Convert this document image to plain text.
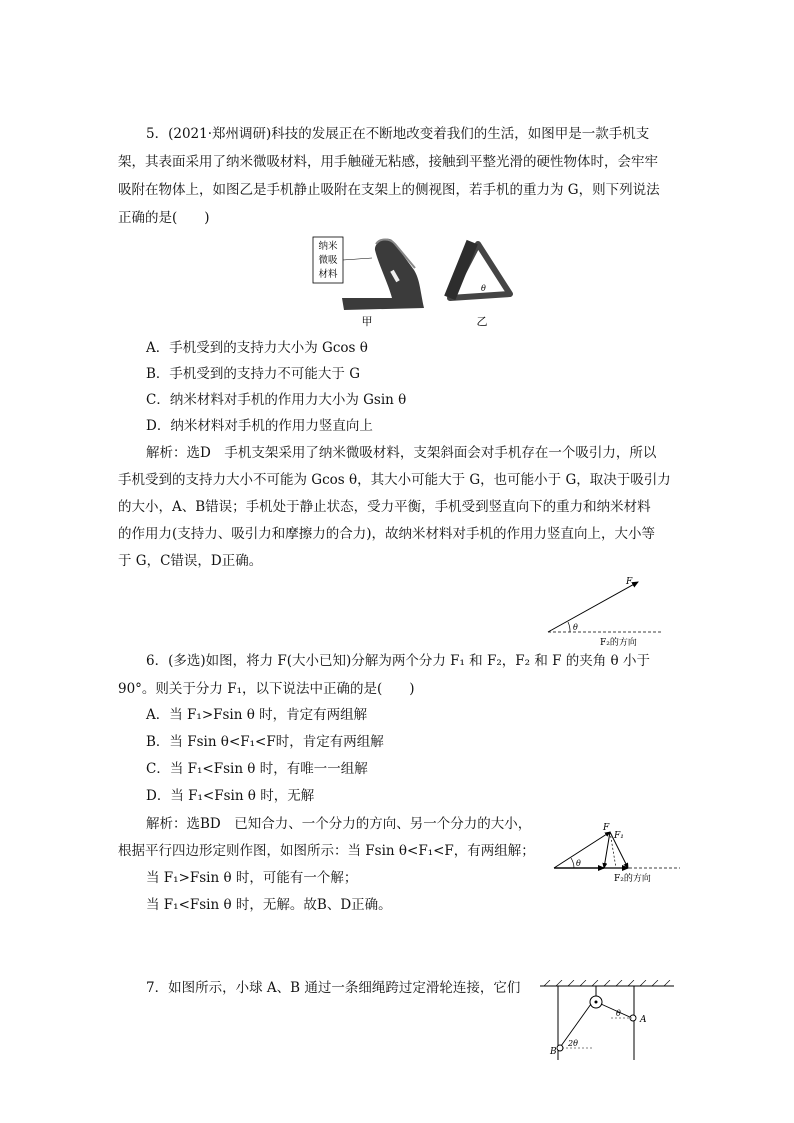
5．(2021·郑州调研)科技的发展正在不断地改变着我们的生活，如图甲是一款手机支
架，其表面采用了纳米微吸材料，用手触碰无粘感，接触到平整光滑的硬性物体时，会牢牢
吸附在物体上，如图乙是手机静止吸附在支架上的侧视图，若手机的重力为 G，则下列说法
正确的是(　　)
纳米
微吸
材料
θ
甲	乙
A．手机受到的支持力大小为 Gcos θ
B．手机受到的支持力不可能大于 G
C．纳米材料对手机的作用力大小为 Gsin θ
D．纳米材料对手机的作用力竖直向上
解析：选D　手机支架采用了纳米微吸材料，支架斜面会对手机存在一个吸引力，所以
手机受到的支持力大小不可能为 Gcos θ，其大小可能大于 G，也可能小于 G，取决于吸引力
的大小，A、B错误；手机处于静止状态，受力平衡，手机受到竖直向下的重力和纳米材料
的作用力(支持力、吸引力和摩擦力的合力)，故纳米材料对手机的作用力竖直向上，大小等
于 G，C错误，D正确。
F
θ
F₂的方向
6．(多选)如图，将力 F(大小已知)分解为两个分力 F₁ 和 F₂，F₂ 和 F 的夹角 θ 小于
90°。则关于分力 F₁，以下说法中正确的是(　　)
A．当 F₁>Fsin θ 时，肯定有两组解
B．当 Fsin θ<F₁<F时，肯定有两组解
C．当 F₁<Fsin θ 时，有唯一一组解
D．当 F₁<Fsin θ 时，无解
解析：选BD　已知合力、一个分力的方向、另一个分力的大小，
根据平行四边形定则作图，如图所示：当 Fsin θ<F₁<F，有两组解；
当 F₁>Fsin θ 时，可能有一个解；
当 F₁<Fsin θ 时，无解。故B、D正确。
F
F₁
θ
F₂的方向
7．如图所示，小球 A、B 通过一条细绳跨过定滑轮连接，它们
θ
2θ
A
B
